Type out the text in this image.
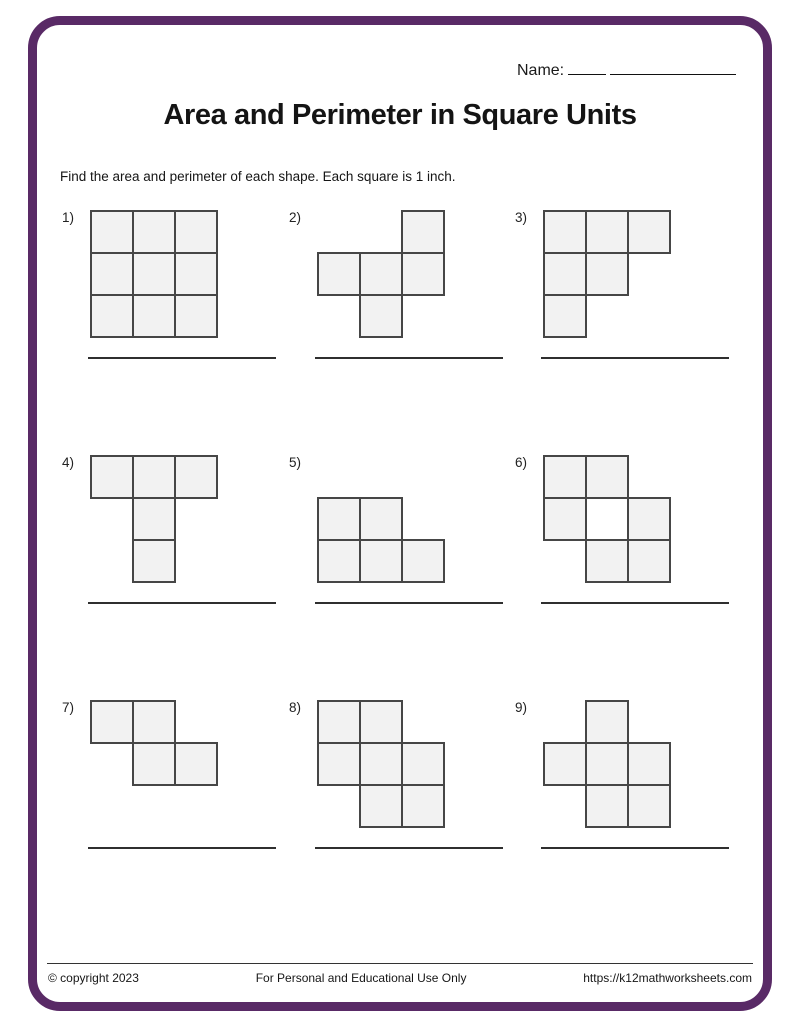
Name:
Area and Perimeter in Square Units
Find the area and perimeter of each shape. Each square is 1 inch.
1)	2)	3)
4)	5)	6)
7)	8)	9)
© copyright 2023	For Personal and Educational Use Only	https://k12mathworksheets.com
